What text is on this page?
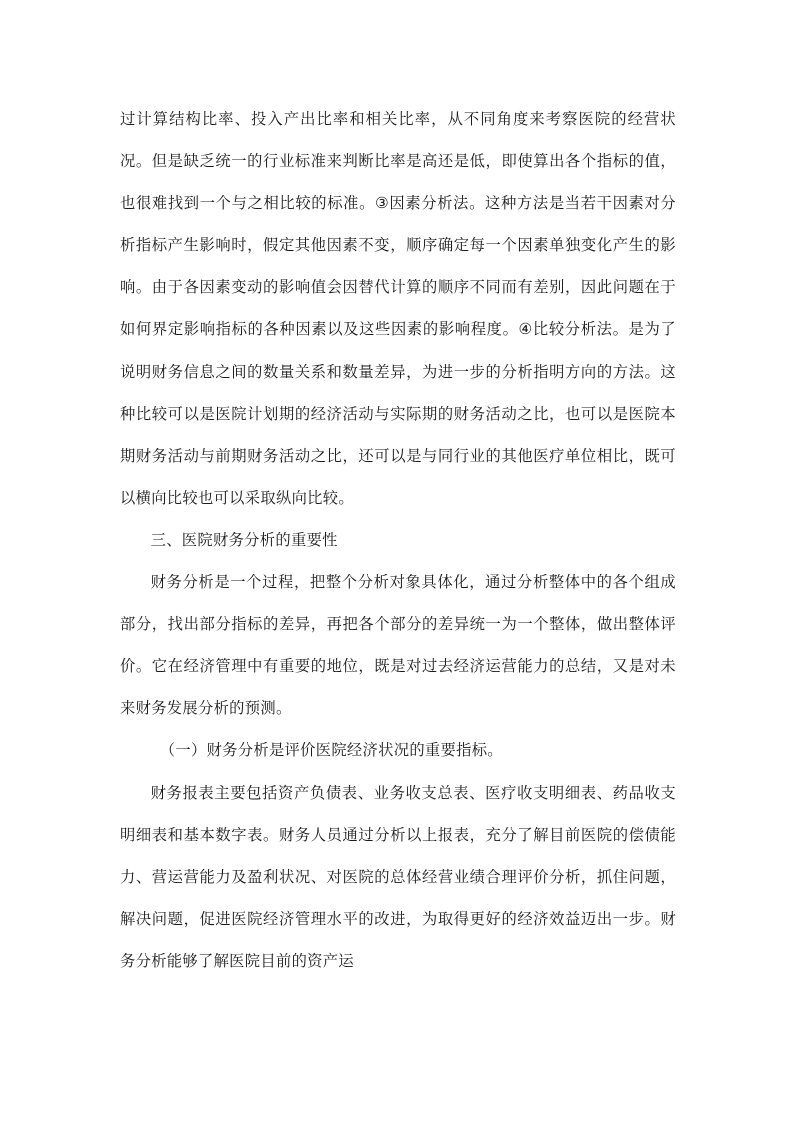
过计算结构比率、投入产出比率和相关比率，从不同角度来考察医院的经营状况。但是缺乏统一的行业标准来判断比率是高还是低，即使算出各个指标的值，也很难找到一个与之相比较的标准。③因素分析法。这种方法是当若干因素对分析指标产生影响时，假定其他因素不变，顺序确定每一个因素单独变化产生的影响。由于各因素变动的影响值会因替代计算的顺序不同而有差别，因此问题在于如何界定影响指标的各种因素以及这些因素的影响程度。④比较分析法。是为了说明财务信息之间的数量关系和数量差异，为进一步的分析指明方向的方法。这种比较可以是医院计划期的经济活动与实际期的财务活动之比，也可以是医院本期财务活动与前期财务活动之比，还可以是与同行业的其他医疗单位相比，既可以横向比较也可以采取纵向比较。

三、医院财务分析的重要性

财务分析是一个过程，把整个分析对象具体化，通过分析整体中的各个组成部分，找出部分指标的差异，再把各个部分的差异统一为一个整体，做出整体评价。它在经济管理中有重要的地位，既是对过去经济运营能力的总结，又是对未来财务发展分析的预测。

（一）财务分析是评价医院经济状况的重要指标。

财务报表主要包括资产负债表、业务收支总表、医疗收支明细表、药品收支明细表和基本数字表。财务人员通过分析以上报表，充分了解目前医院的偿债能力、营运营能力及盈利状况、对医院的总体经营业绩合理评价分析，抓住问题，解决问题，促进医院经济管理水平的改进，为取得更好的经济效益迈出一步。财务分析能够了解医院目前的资产运
